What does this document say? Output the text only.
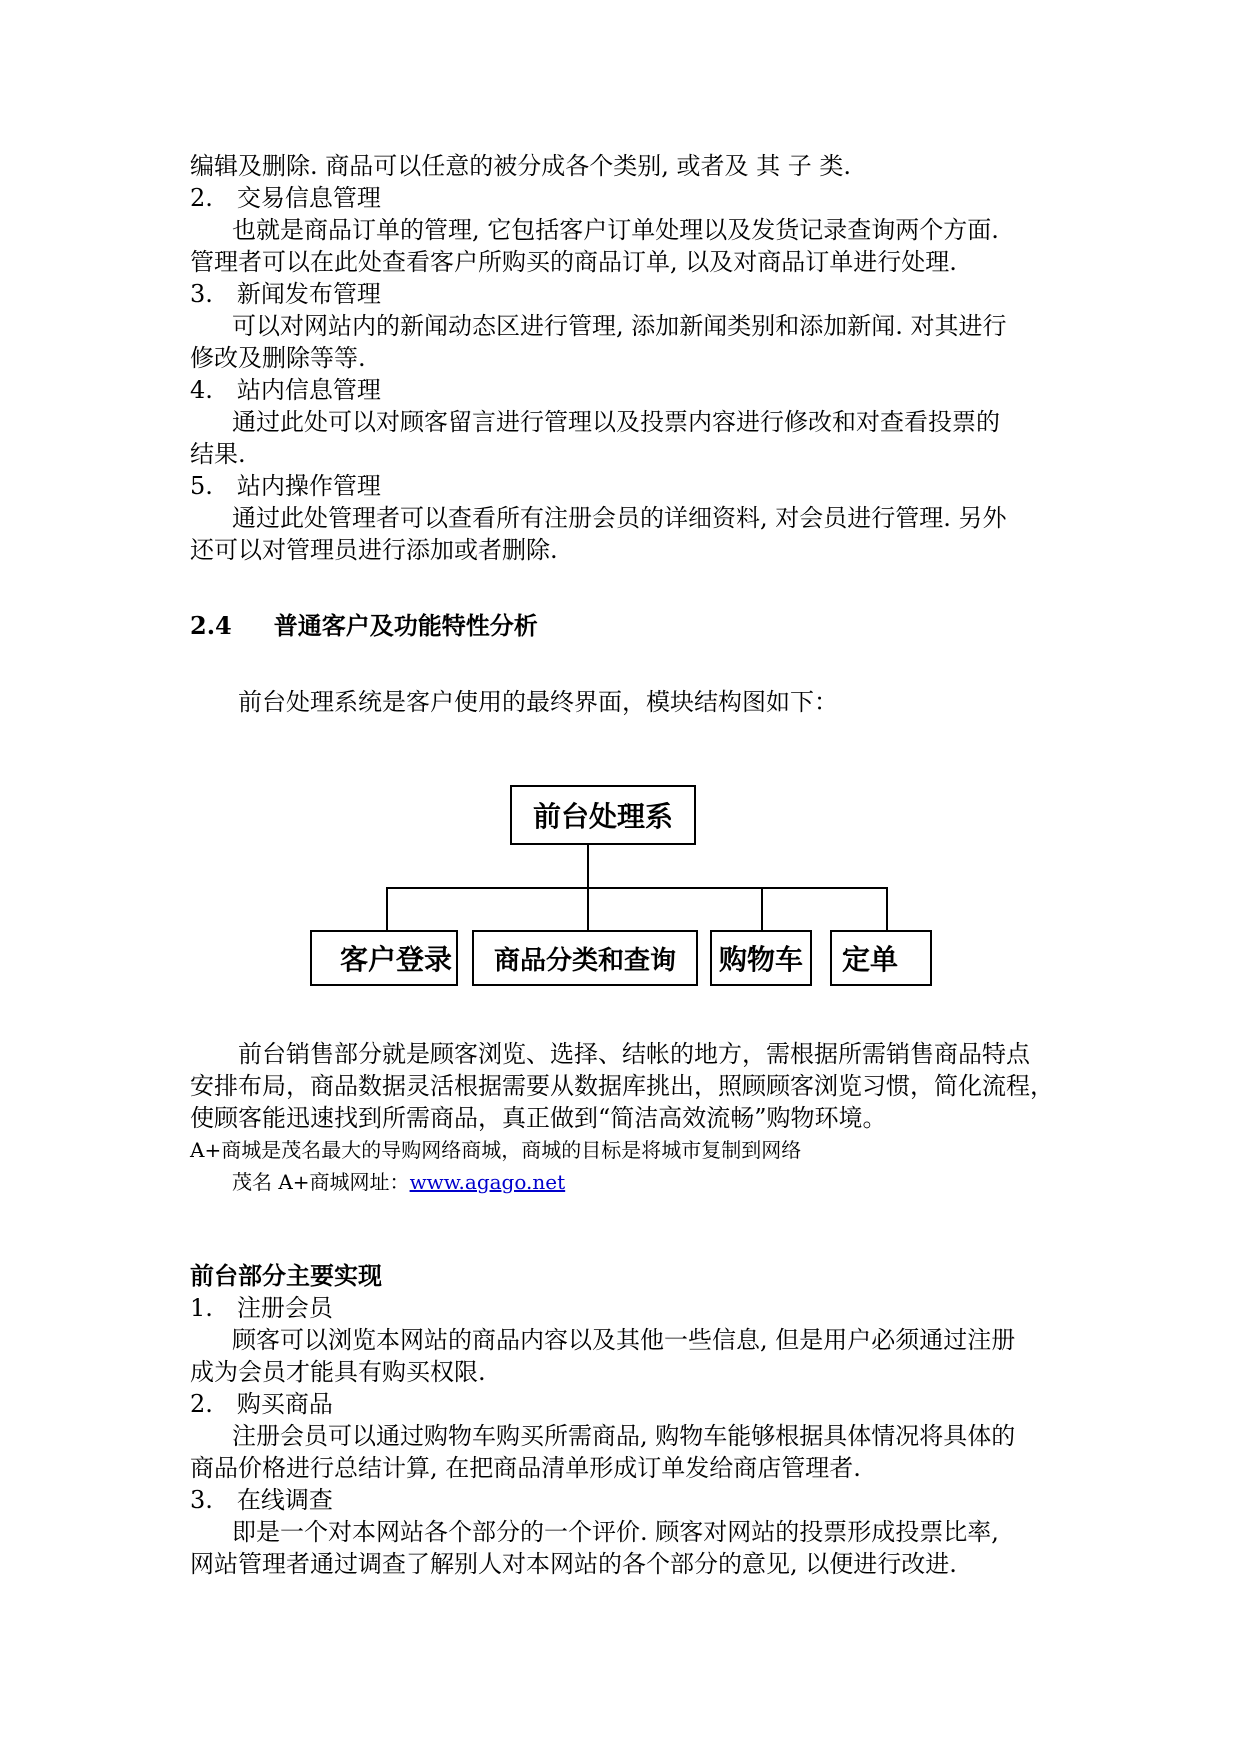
编辑及删除. 商品可以任意的被分成各个类别, 或者及 其 子 类.
2. 交易信息管理
也就是商品订单的管理, 它包括客户订单处理以及发货记录查询两个方面.
管理者可以在此处查看客户所购买的商品订单, 以及对商品订单进行处理.
3. 新闻发布管理
可以对网站内的新闻动态区进行管理, 添加新闻类别和添加新闻. 对其进行
修改及删除等等.
4. 站内信息管理
通过此处可以对顾客留言进行管理以及投票内容进行修改和对查看投票的
结果.
5. 站内操作管理
通过此处管理者可以查看所有注册会员的详细资料, 对会员进行管理. 另外
还可以对管理员进行添加或者删除.
2.4 普通客户及功能特性分析
前台处理系统是客户使用的最终界面，模块结构图如下：
前台处理系
客户登录	商品分类和查询	购物车	定单
前台销售部分就是顾客浏览、选择、结帐的地方，需根据所需销售商品特点
安排布局，商品数据灵活根据需要从数据库挑出，照顾顾客浏览习惯，简化流程，
使顾客能迅速找到所需商品，真正做到“简洁高效流畅”购物环境。
A+商城是茂名最大的导购网络商城，商城的目标是将城市复制到网络
茂名 A+商城网址：www.agago.net
前台部分主要实现
1. 注册会员
顾客可以浏览本网站的商品内容以及其他一些信息, 但是用户必须通过注册
成为会员才能具有购买权限.
2. 购买商品
注册会员可以通过购物车购买所需商品, 购物车能够根据具体情况将具体的
商品价格进行总结计算, 在把商品清单形成订单发给商店管理者.
3. 在线调查
即是一个对本网站各个部分的一个评价. 顾客对网站的投票形成投票比率,
网站管理者通过调查了解别人对本网站的各个部分的意见, 以便进行改进.
